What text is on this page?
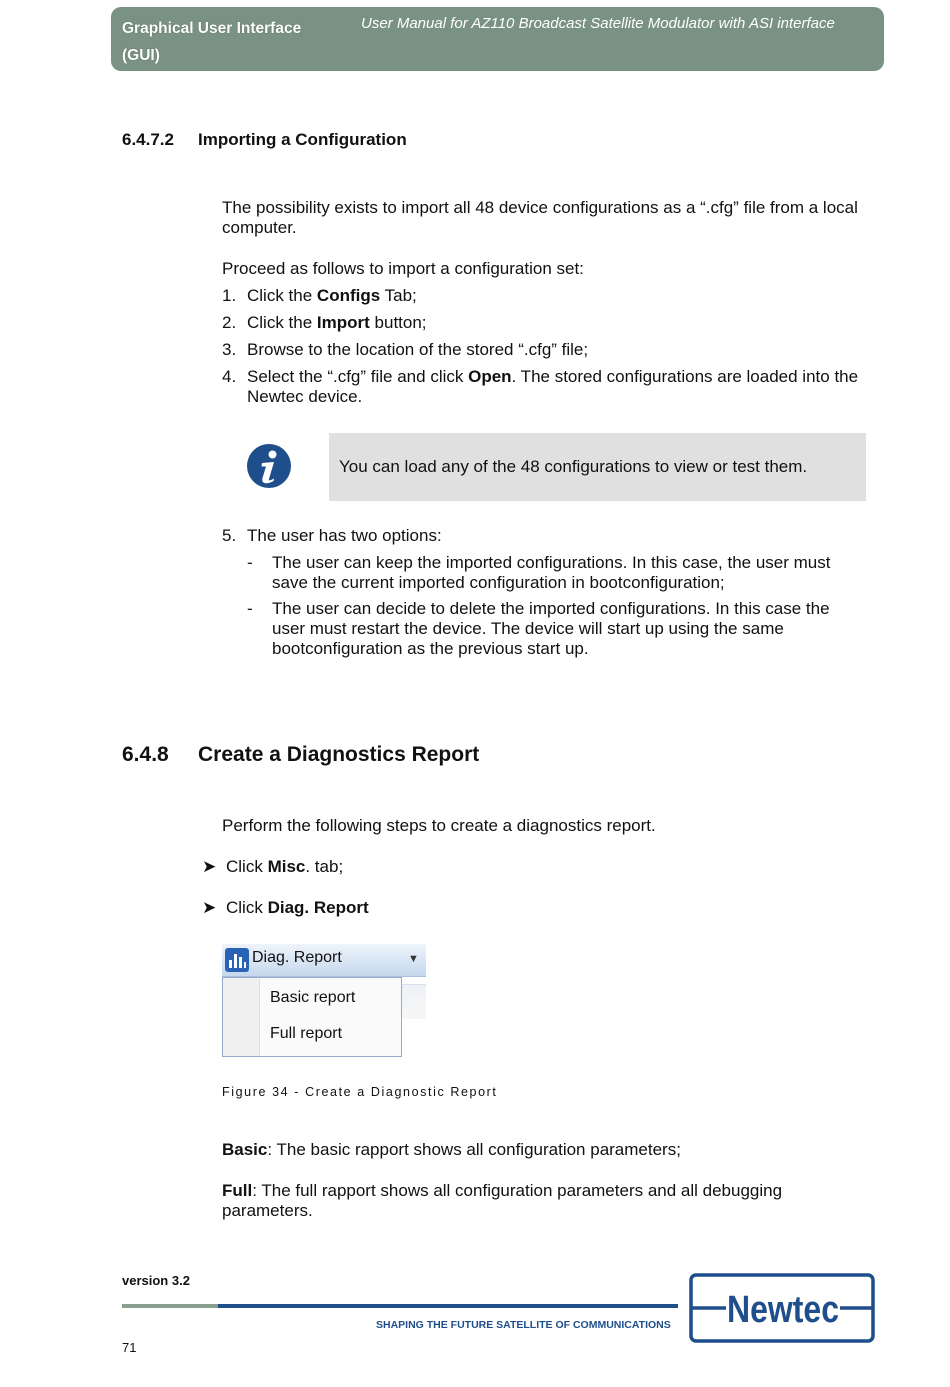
Graphical User Interface
(GUI)
User Manual for AZ110 Broadcast Satellite Modulator with ASI interface
6.4.7.2 Importing a Configuration
The possibility exists to import all 48 device configurations as a “.cfg” file from a local computer.
Proceed as follows to import a configuration set:
1. Click the Configs Tab;
2. Click the Import button;
3. Browse to the location of the stored “.cfg” file;
4. Select the “.cfg” file and click Open. The stored configurations are loaded into the Newtec device.
You can load any of the 48 configurations to view or test them.
5. The user has two options:
- The user can keep the imported configurations. In this case, the user must save the current imported configuration in bootconfiguration;
- The user can decide to delete the imported configurations. In this case the user must restart the device. The device will start up using the same bootconfiguration as the previous start up.
6.4.8 Create a Diagnostics Report
Perform the following steps to create a diagnostics report.
➤ Click Misc. tab;
➤ Click Diag. Report
Diag. Report	▼
Basic report
Full report
Figure 34 - Create a Diagnostic Report
Basic: The basic rapport shows all configuration parameters;
Full: The full rapport shows all configuration parameters and all debugging parameters.
version 3.2
SHAPING THE FUTURE SATELLITE OF COMMUNICATIONS
71
Newtec
